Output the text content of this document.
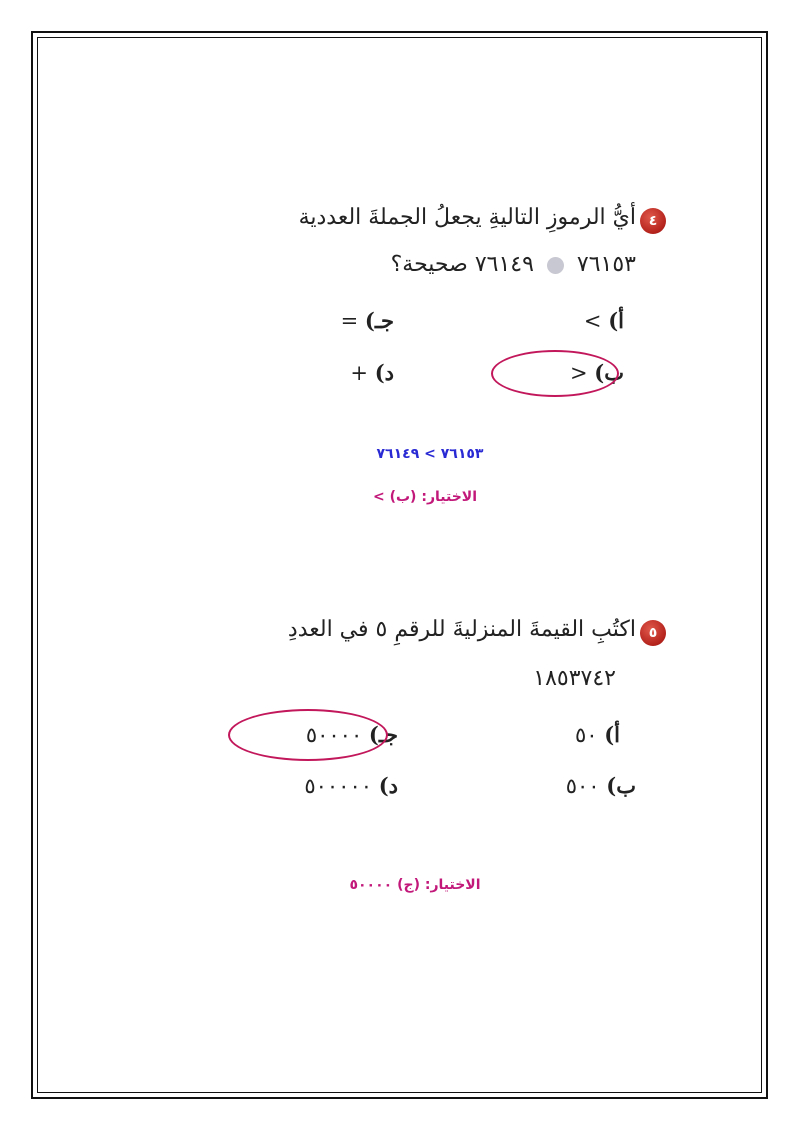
٤
أيُّ الرموزِ التاليةِ يجعلُ الجملةَ العددية
٧٦١٥٣  ٧٦١٤٩ صحيحة؟
أ) >
جـ) =
ب) <
د) +
٧٦١٥٣ > ٧٦١٤٩
الاختيار: (ب) >
٥
اكتُبِ القيمةَ المنزليةَ للرقمِ ٥ في العددِ
١٨٥٣٧٤٢
أ) ٥٠
جـ) ٥٠٠٠٠
ب) ٥٠٠
د) ٥٠٠٠٠٠
الاختيار: (ج) ٥٠٠٠٠
